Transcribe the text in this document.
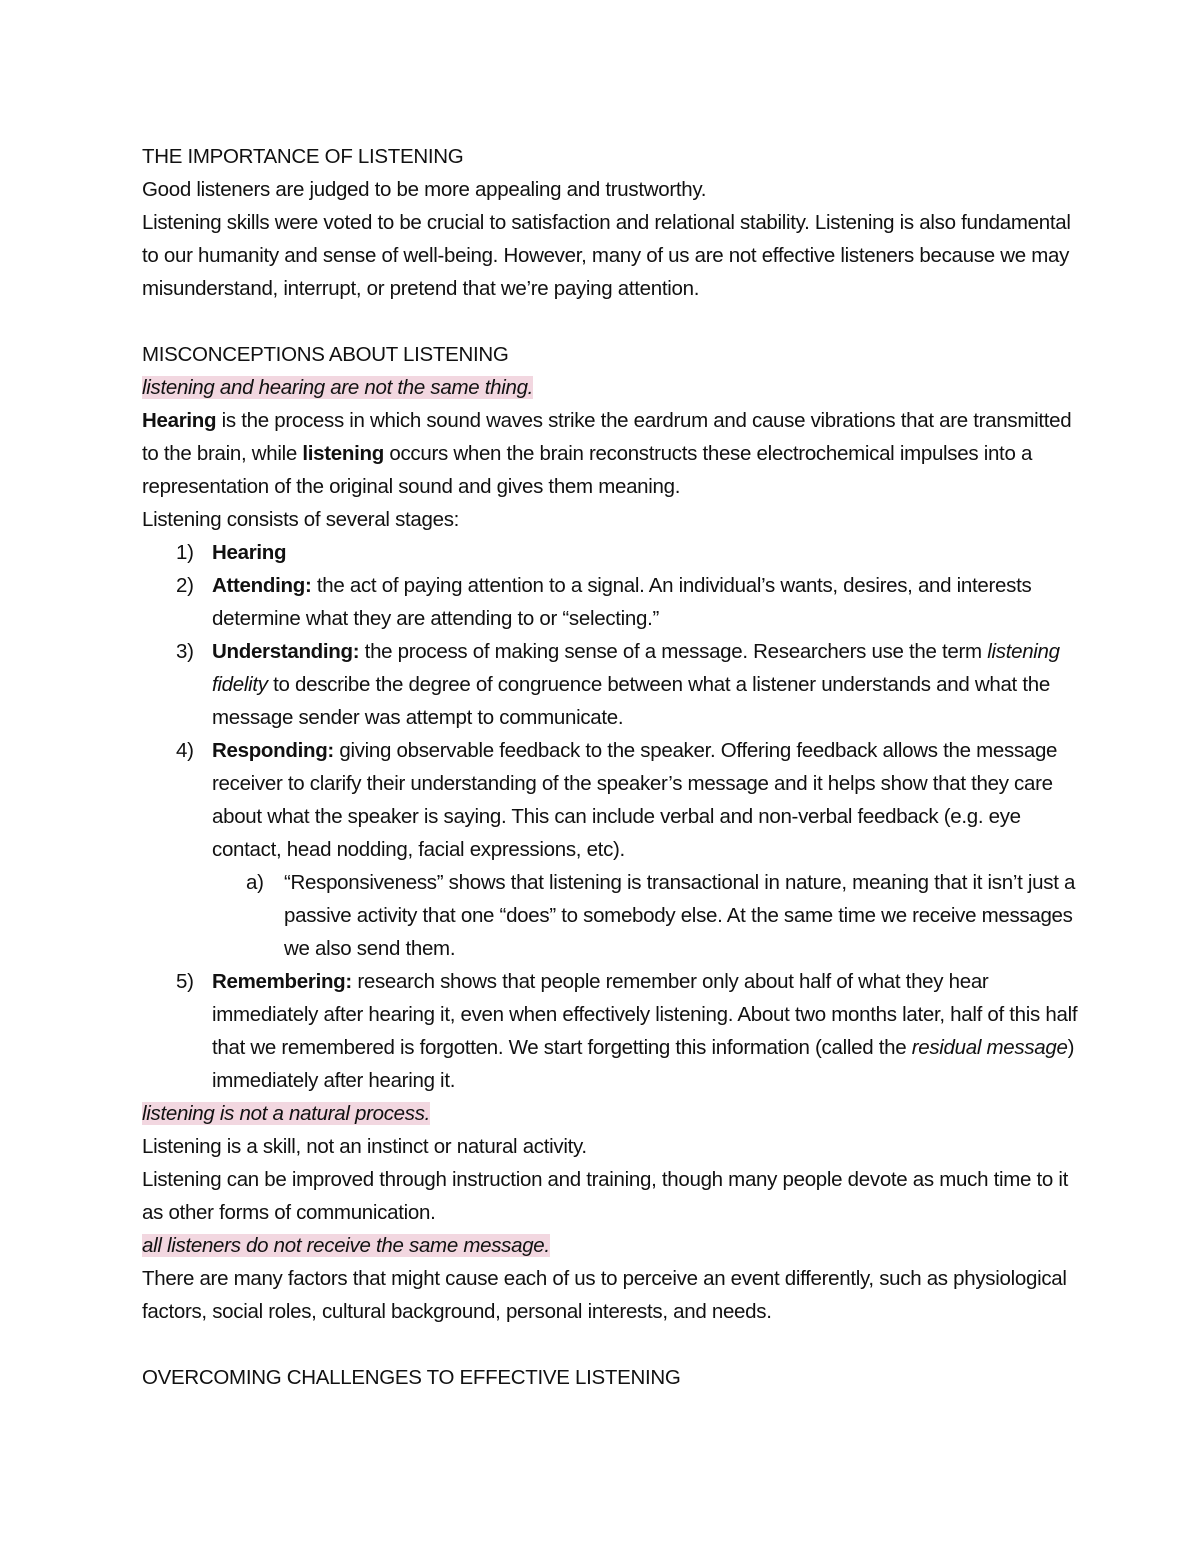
THE IMPORTANCE OF LISTENING

Good listeners are judged to be more appealing and trustworthy.

Listening skills were voted to be crucial to satisfaction and relational stability. Listening is also fundamental to our humanity and sense of well-being. However, many of us are not effective listeners because we may misunderstand, interrupt, or pretend that we’re paying attention.

MISCONCEPTIONS ABOUT LISTENING

listening and hearing are not the same thing.

Hearing is the process in which sound waves strike the eardrum and cause vibrations that are transmitted to the brain, while listening occurs when the brain reconstructs these electrochemical impulses into a representation of the original sound and gives them meaning.

Listening consists of several stages:

1) Hearing
2) Attending: the act of paying attention to a signal. An individual’s wants, desires, and interests determine what they are attending to or “selecting.”
3) Understanding: the process of making sense of a message. Researchers use the term listening fidelity to describe the degree of congruence between what a listener understands and what the message sender was attempt to communicate.
4) Responding: giving observable feedback to the speaker. Offering feedback allows the message receiver to clarify their understanding of the speaker’s message and it helps show that they care about what the speaker is saying. This can include verbal and non-verbal feedback (e.g. eye contact, head nodding, facial expressions, etc).
a) “Responsiveness” shows that listening is transactional in nature, meaning that it isn’t just a passive activity that one “does” to somebody else. At the same time we receive messages we also send them.
5) Remembering: research shows that people remember only about half of what they hear immediately after hearing it, even when effectively listening. About two months later, half of this half that we remembered is forgotten. We start forgetting this information (called the residual message) immediately after hearing it.

listening is not a natural process.

Listening is a skill, not an instinct or natural activity.

Listening can be improved through instruction and training, though many people devote as much time to it as other forms of communication.

all listeners do not receive the same message.

There are many factors that might cause each of us to perceive an event differently, such as physiological factors, social roles, cultural background, personal interests, and needs.

OVERCOMING CHALLENGES TO EFFECTIVE LISTENING
